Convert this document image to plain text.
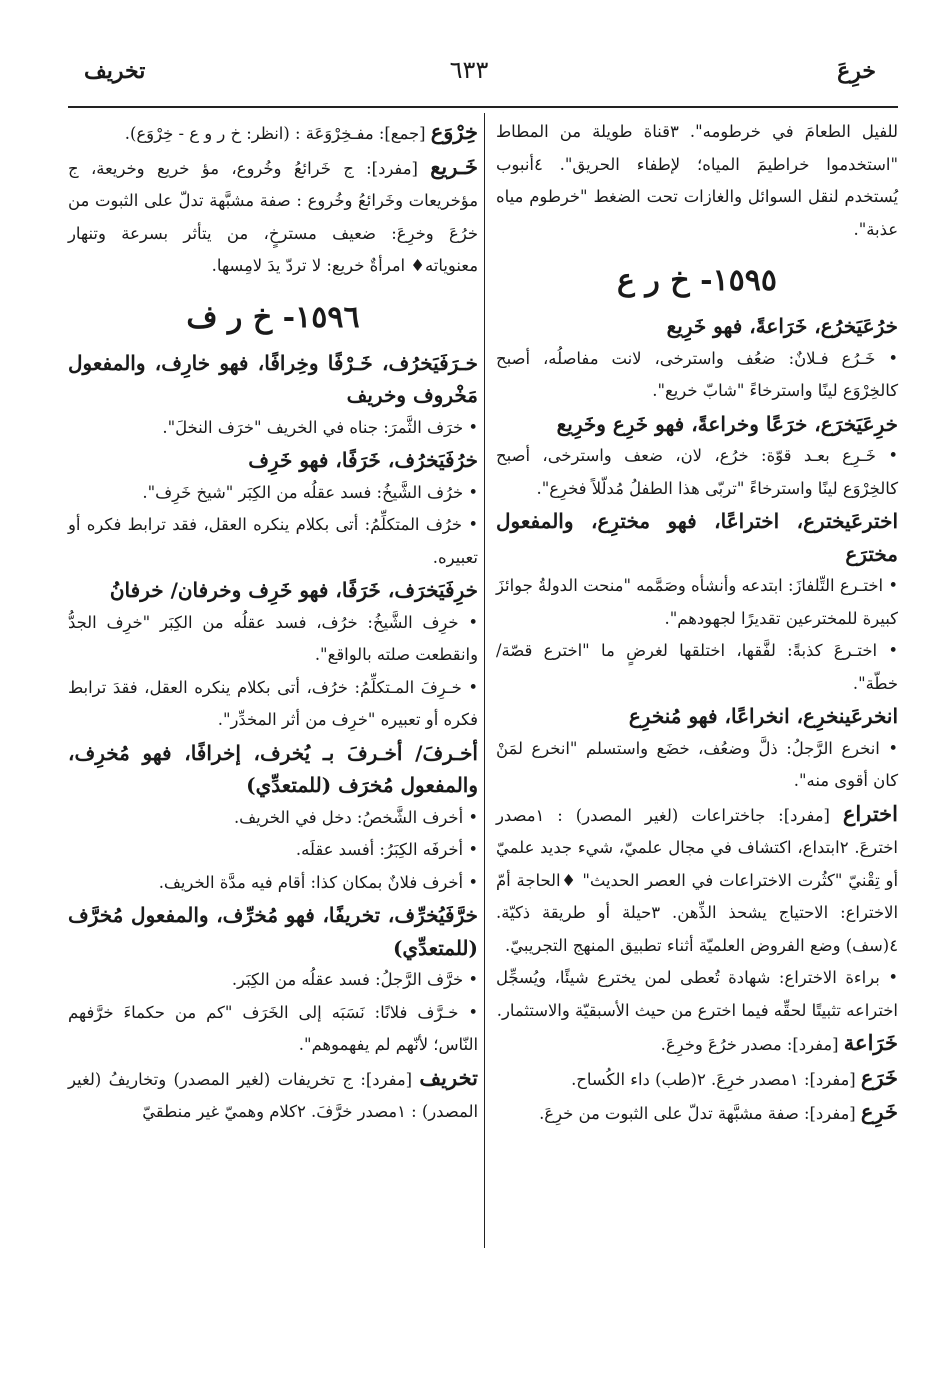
خرِعَ
٦٣٣
تخريف

للفيل الطعامَ في خرطومه". ٣قناة طويلة من المطاط "استخدموا خراطيمَ المياه؛ لإطفاء الحريق". ٤أنبوب يُستخدم لنقل السوائل والغازات تحت الضغط "خرطوم مياه عذبة".

١٥٩٥- خ ر ع

خرُعَيَخرُع، خَرَاعةً، فهو خَرِيع

• خَـرُع فـلانٌ: ضعُف واسترخى، لانت مفاصلُه، أصبح كالخِرْوَع لينًا واسترخاءً "شابّ خريع".

خرِعَيَخرَع، خرَعًا وخراعةً، فهو خَرِع وخَرِيع

• خَـرِع بعـد قوّة: خرُع، لان، ضعف واسترخى، أصبح كالخِرْوَع لينًا واسترخاءً "تربّى هذا الطفلُ مُدلّلاً فخرِع".

اخترعَيخترع، اختراعًا، فهو مخترِع، والمفعول مخترَع

• اختـرع التِّلفازَ: ابتدعه وأنشأه وصَمَّمه "منحت الدولةُ جوائزَ كبيرة للمخترعين تقديرًا لجهودهم".

• اختـرعَ كذبةً: لفَّقها، اختلقها لغرضٍ ما "اخترع قصّة/ خطّة".

انخرعَينخرِع، انخراعًا، فهو مُنخرِع

• انخرع الرَّجلُ: ذلَّ وضعُف، خضَع واستسلم "انخرع لمَنْ كان أقوى منه".

اختراع [مفرد]: جاختراعات (لغير المصدر) : ١مصدر اخترعَ. ٢ابتداع، اكتشاف في مجال علميّ، شيء جديد علميّ أو تِقْنيّ "كثُرت الاختراعات في العصر الحديث" ♦الحاجة أمّ الاختراع: الاحتياج يشحذ الذِّهن. ٣حيلة أو طريقة ذكيّة. ٤(سف) وضع الفروض العلميّة أثناء تطبيق المنهج التجريبيّ.

• براءة الاختراع: شهادة تُعطى لمن يخترع شيئًا، ويُسجِّل اختراعه تثبيتًا لحقِّه فيما اخترع من حيث الأسبقيّة والاستثمار.

خَرَاعة [مفرد]: مصدر خرُعَ وخرِعَ.

خَرَع [مفرد]: ١مصدر خرِعَ. ٢(طب) داء الكُساح.

خَرِع [مفرد]: صفة مشبَّهة تدلّ على الثبوت من خرِعَ.

خِرْوَع [جمع]: مفـخِرْوَعَة : (انظر: خ ر و ع - خِرْوَع).

خَـريع [مفرد]: ج خَرائعُ وخُروع، مؤ خريع وخريعة، ج مؤخريعات وخَرائعُ وخُروع : صفة مشبَّهة تدلّ على الثبوت من خرُعَ وخرِعَ: ضعيف مسترخٍ، من يتأثر بسرعة وتنهار معنوياته♦ امرأةٌ خريع: لا تردّ يدَ لامِسها.

١٥٩٦- خ ر ف

خـرَفَيَخرُف، خَـرْفًا وخِرافًا، فهو خارِف، والمفعول مَخْروف وخريف

• خرَف الثَّمرَ: جناه في الخريف "خرَف النخلَ".

خرُفَيَخرُف، خَرَفًا، فهو خَرِف

• خرُف الشَّيخُ: فسد عقلُه من الكِبَر "شيخ خَرِف".

• خرُف المتكلِّمُ: أتى بكلام ينكره العقل، فقد ترابط فكره أو تعبيره.

خرِفَيَخرَف، خَرَفًا، فهو خَرِف وخرفان/ خرفانُ

• خرِف الشَّيخُ: خرُف، فسد عقلُه من الكِبَر "خرِف الجدُّ وانقطعت صلته بالواقع".

• خـرِفَ المـتكلِّمُ: خرُف، أتى بكلام ينكره العقل، فقدَ ترابط فكره أو تعبيره "خرِف من أثر المخدِّر".

أخـرفَ/ أخـرفَ بـ يُخرف، إخرافًا، فهو مُخرِف، والمفعول مُخرَف (للمتعدِّي)

• أخرف الشَّخصُ: دخل في الخريف.

• أخرفَه الكِبَرُ: أفسد عقلَه.

• أخرف فلانٌ بمكان كذا: أقام فيه مدَّة الخريف.

خرَّفَيُخرِّف، تخريفًا، فهو مُخرِّف، والمفعول مُخرَّف (للمتعدِّي)

• خرَّف الرَّجلُ: فسد عقلُه من الكِبَر.

• خـرَّف فلانًا: نَسَبَه إلى الخَرَف "كم من حكماءَ خرَّفهم النّاس؛ لأنّهم لم يفهموهم".

تخريف [مفرد]: ج تخريفات (لغير المصدر) وتخاريفُ (لغير المصدر) : ١مصدر خرَّفَ. ٢كلام وهميّ غير منطقيّ
